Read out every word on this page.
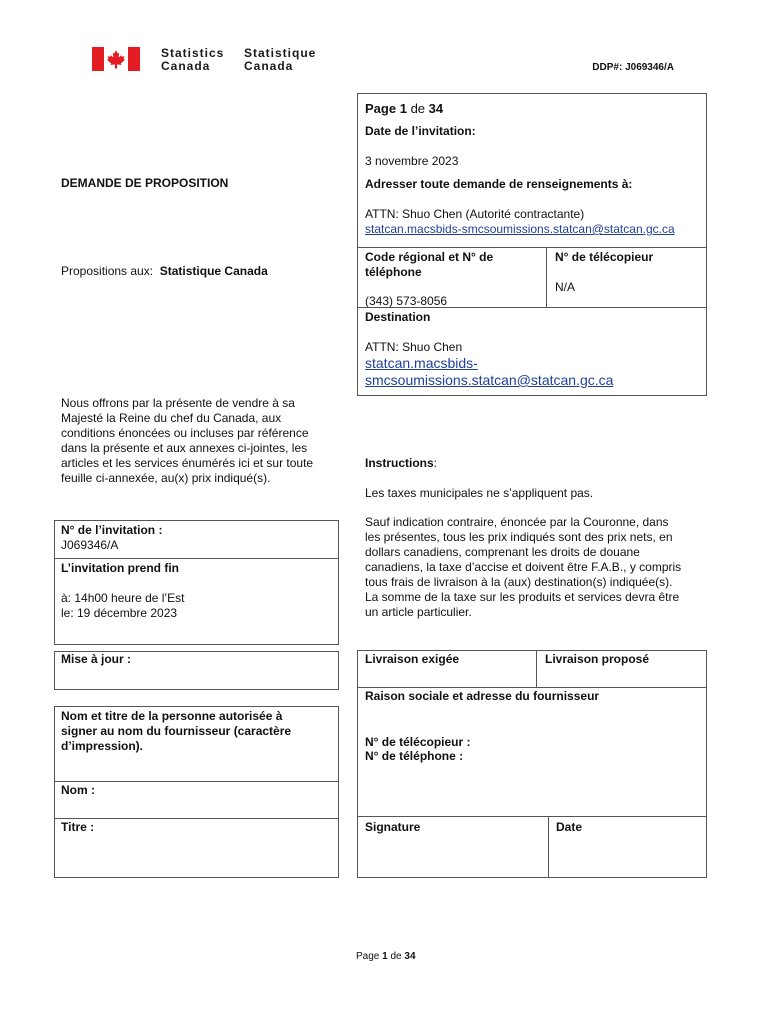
Statistics
Canada
Statistique
Canada	DDP#: J069346/A
Page 1 de 34
Date de l’invitation:
3 novembre 2023
Adresser toute demande de renseignements à:
ATTN: Shuo Chen (Autorité contractante)
statcan.macsbids-smcsoumissions.statcan@statcan.gc.ca
DEMANDE DE PROPOSITION
Code régional et N° de
téléphone
(343) 573-8056
N° de télécopieur
N/A
Propositions aux: Statistique Canada
Destination
ATTN: Shuo Chen
statcan.macsbids-
smcsoumissions.statcan@statcan.gc.ca
Nous offrons par la présente de vendre à sa
Majesté la Reine du chef du Canada, aux
conditions énoncées ou incluses par référence
dans la présente et aux annexes ci-jointes, les
articles et les services énumérés ici et sur toute
feuille ci-annexée, au(x) prix indiqué(s).
Instructions:
Les taxes municipales ne s’appliquent pas.
Sauf indication contraire, énoncée par la Couronne, dans
les présentes, tous les prix indiqués sont des prix nets, en
dollars canadiens, comprenant les droits de douane
canadiens, la taxe d’accise et doivent être F.A.B., y compris
tous frais de livraison à la (aux) destination(s) indiquée(s).
La somme de la taxe sur les produits et services devra être
un article particulier.
N° de l’invitation :
J069346/A
L’invitation prend fin
à: 14h00 heure de l’Est
le: 19 décembre 2023
Mise à jour :	Livraison exigée	Livraison proposé
Raison sociale et adresse du fournisseur
N° de télécopieur :
N° de téléphone :
Nom et titre de la personne autorisée à
signer au nom du fournisseur (caractère
d’impression).
Nom :
Titre :	Signature	Date
Page 1 de 34
